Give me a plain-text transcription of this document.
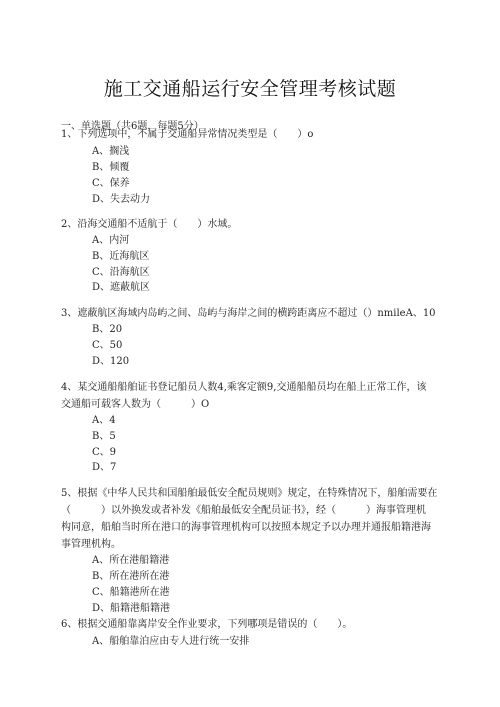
施工交通船运行安全管理考核试题
一、单选题（共6题，每题5分）
1、下列选项中，不属于交通船异常情况类型是（　　）o
A、搁浅
B、倾覆
C、保养
D、失去动力
2、沿海交通船不适航于（　　）水域。
A、内河
B、近海航区
C、沿海航区
D、遮蔽航区
3、遮蔽航区海域内岛屿之间、岛屿与海岸之间的横跨距离应不超过（）nmileA、10
B、20
C、50
D、120
4、某交通船船舶证书登记船员人数4,乘客定额9,交通船船员均在船上正常工作，该
交通船可载客人数为（　　　）O
A、4
B、5
C、9
D、7
5、根据《中华人民共和国船舶最低安全配员规则》规定，在特殊情况下，船舶需要在
（　　　）以外换发或者补发《船舶最低安全配员证书》，经（　　　）海事管理机
构同意，船舶当时所在港口的海事管理机构可以按照本规定予以办理并通报船籍港海
事管理机构。
A、所在港船籍港
B、所在港所在港
C、船籍港所在港
D、船籍港船籍港
6、根据交通船靠离岸安全作业要求，下列哪项是错误的（　　）。
A、船舶靠泊应由专人进行统一安排
